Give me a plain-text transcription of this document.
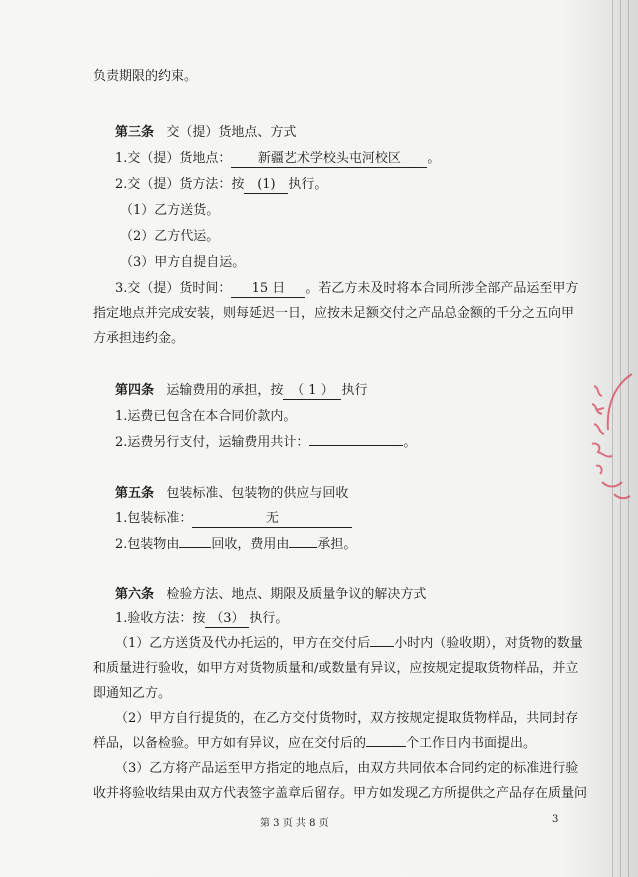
负责期限的约束。
第三条 交（提）货地点、方式
1.交（提）货地点： 新疆艺术学校头屯河校区 。
2.交（提）货方法：按 (1) 执行。
（1）乙方送货。
（2）乙方代运。
（3）甲方自提自运。
3.交（提）货时间： 15 日 。若乙方未及时将本合同所涉全部产品运至甲方
指定地点并完成安装，则每延迟一日，应按未足额交付之产品总金额的千分之五向甲
方承担违约金。
第四条 运输费用的承担，按 （ 1 ） 执行
1.运费已包含在本合同价款内。
2.运费另行支付，运输费用共计：	。
第五条 包装标准、包装物的供应与回收
1.包装标准：	无
2.包装物由 回收，费用由 承担。
第六条 检验方法、地点、期限及质量争议的解决方式
1.验收方法：按 （3） 执行。
（1）乙方送货及代办托运的，甲方在交付后 小时内（验收期），对货物的数量
和质量进行验收，如甲方对货物质量和/或数量有异议，应按规定提取货物样品，并立
即通知乙方。
（2）甲方自行提货的，在乙方交付货物时，双方按规定提取货物样品，共同封存
样品，以备检验。甲方如有异议，应在交付后的	个工作日内书面提出。
（3）乙方将产品运至甲方指定的地点后，由双方共同依本合同约定的标准进行验
收并将验收结果由双方代表签字盖章后留存。甲方如发现乙方所提供之产品存在质量问
第 3 页 共 8 页	3
